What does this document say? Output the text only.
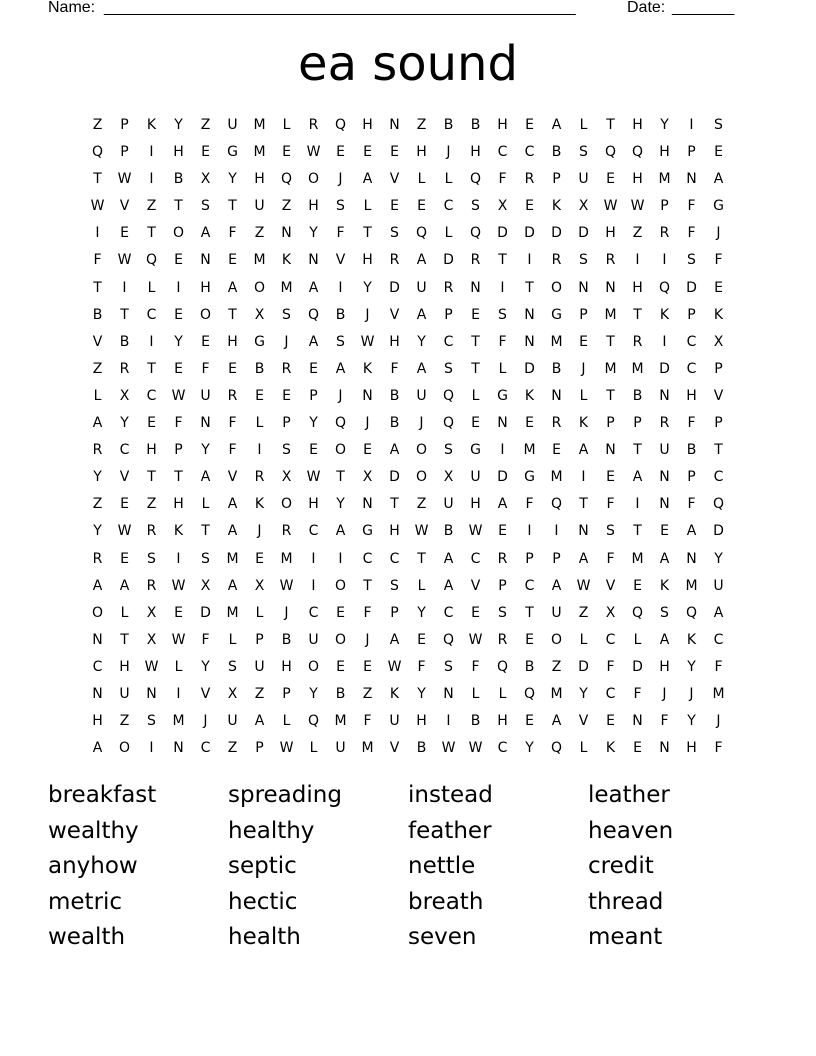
Name: _____________________________________________________	Date: _______
ea sound
Z	P	K	Y	Z	U	M	L	R	Q	H	N	Z	B	B	H	E	A	L	T	H	Y	I	S
Q	P	I	H	E	G	M	E	W	E	E	E	H	J	H	C	C	B	S	Q	Q	H	P	E
T	W	I	B	X	Y	H	Q	O	J	A	V	L	L	Q	F	R	P	U	E	H	M	N	A
W	V	Z	T	S	T	U	Z	H	S	L	E	E	C	S	X	E	K	X	W W	P	F	G
I	E	T	O	A	F	Z	N	Y	F	T	S	Q	L	Q	D	D	D	D	H	Z	R	F	J
F	W	Q	E	N	E	M	K	N	V	H	R	A	D	R	T	I	R	S	R	I	I	S	F
T	I	L	I	H	A	O	M	A	I	Y	D	U	R	N	I	T	O	N	N	H	Q	D	E
B	T	C	E	O	T	X	S	Q	B	J	V	A	P	E	S	N	G	P	M	T	K	P	K
V	B	I	Y	E	H	G	J	A	S	W	H	Y	C	T	F	N	M	E	T	R	I	C	X
Z	R	T	E	F	E	B	R	E	A	K	F	A	S	T	L	D	B	J	M	M	D	C	P
L	X	C	W	U	R	E	E	P	J	N	B	U	Q	L	G	K	N	L	T	B	N	H	V
A	Y	E	F	N	F	L	P	Y	Q	J	B	J	Q	E	N	E	R	K	P	P	R	F	P
R	C	H	P	Y	F	I	S	E	O	E	A	O	S	G	I	M	E	A	N	T	U	B	T
Y	V	T	T	A	V	R	X	W	T	X	D	O	X	U	D	G	M	I	E	A	N	P	C
Z	E	Z	H	L	A	K	O	H	Y	N	T	Z	U	H	A	F	Q	T	F	I	N	F	Q
Y	W	R	K	T	A	J	R	C	A	G	H	W	B	W	E	I	I	N	S	T	E	A	D
R	E	S	I	S	M	E	M	I	I	C	C	T	A	C	R	P	P	A	F	M	A	N	Y
A	A	R	W	X	A	X	W	I	O	T	S	L	A	V	P	C	A	W	V	E	K	M	U
O	L	X	E	D	M	L	J	C	E	F	P	Y	C	E	S	T	U	Z	X	Q	S	Q	A
N	T	X	W	F	L	P	B	U	O	J	A	E	Q	W	R	E	O	L	C	L	A	K	C
C	H	W	L	Y	S	U	H	O	E	E	W	F	S	F	Q	B	Z	D	F	D	H	Y	F
N	U	N	I	V	X	Z	P	Y	B	Z	K	Y	N	L	L	Q	M	Y	C	F	J	J	M
H	Z	S	M	J	U	A	L	Q	M	F	U	H	I	B	H	E	A	V	E	N	F	Y	J
A	O	I	N	C	Z	P	W	L	U	M	V	B	W W	C	Y	Q	L	K	E	N	H	F
breakfast	spreading	instead	leather
wealthy	healthy	feather	heaven
anyhow	septic	nettle	credit
metric	hectic	breath	thread
wealth	health	seven	meant
